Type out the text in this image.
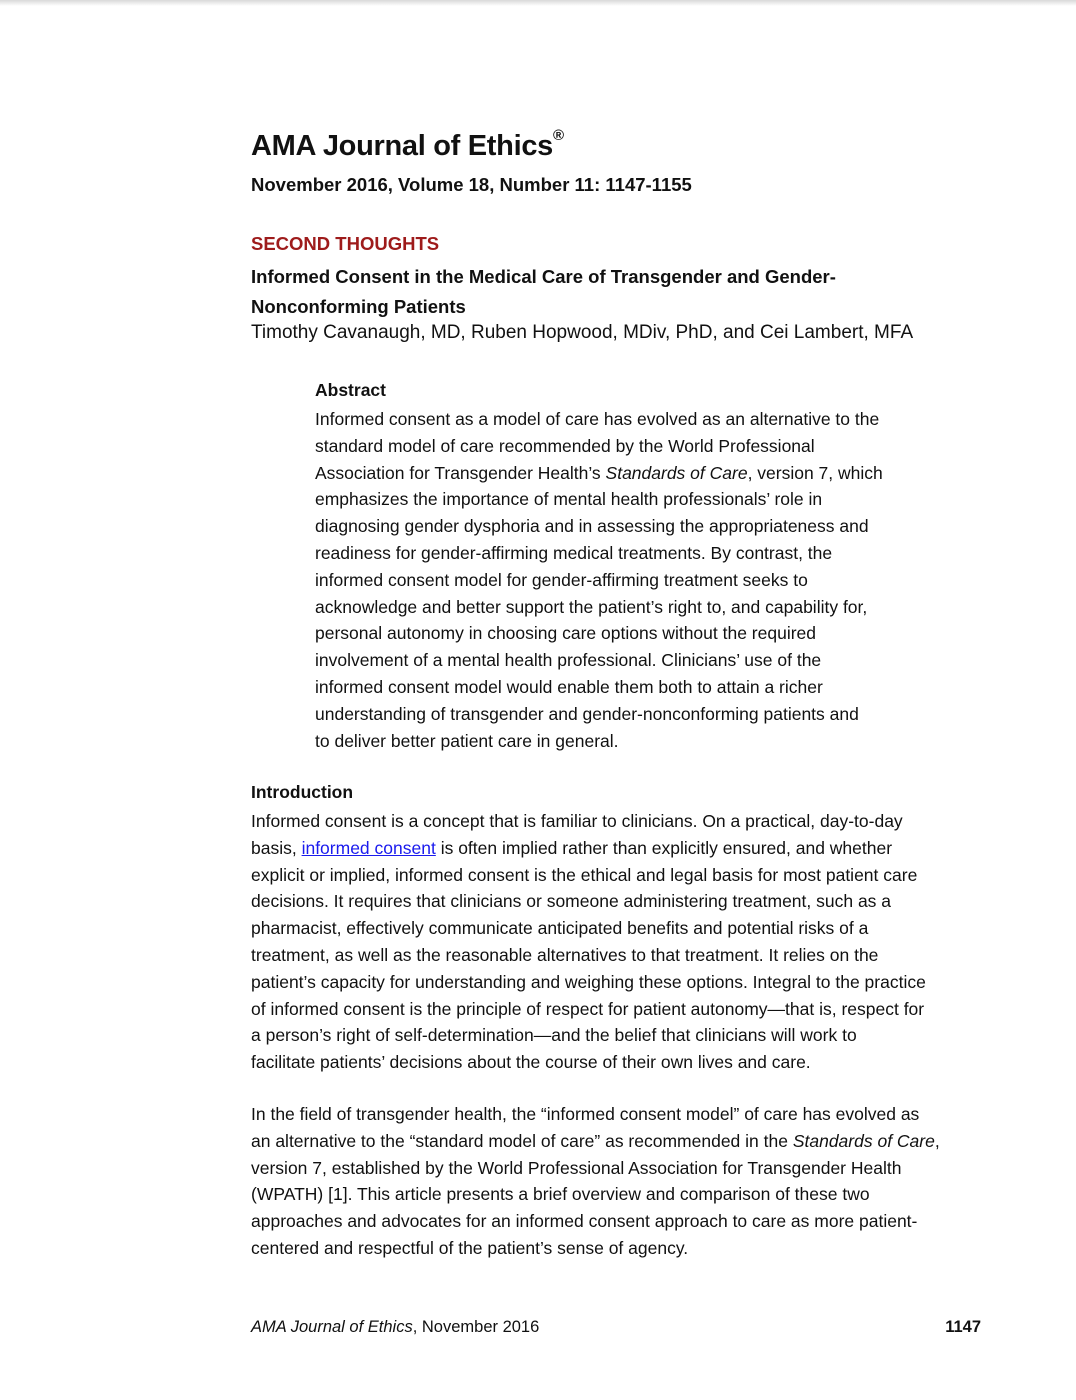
AMA Journal of Ethics®
November 2016, Volume 18, Number 11: 1147-1155
SECOND THOUGHTS
Informed Consent in the Medical Care of Transgender and Gender-
Nonconforming Patients
Timothy Cavanaugh, MD, Ruben Hopwood, MDiv, PhD, and Cei Lambert, MFA
Abstract
Informed consent as a model of care has evolved as an alternative to the
standard model of care recommended by the World Professional
Association for Transgender Health’s Standards of Care, version 7, which
emphasizes the importance of mental health professionals’ role in
diagnosing gender dysphoria and in assessing the appropriateness and
readiness for gender-affirming medical treatments. By contrast, the
informed consent model for gender-affirming treatment seeks to
acknowledge and better support the patient’s right to, and capability for,
personal autonomy in choosing care options without the required
involvement of a mental health professional. Clinicians’ use of the
informed consent model would enable them both to attain a richer
understanding of transgender and gender-nonconforming patients and
to deliver better patient care in general.
Introduction
Informed consent is a concept that is familiar to clinicians. On a practical, day-to-day
basis, informed consent is often implied rather than explicitly ensured, and whether
explicit or implied, informed consent is the ethical and legal basis for most patient care
decisions. It requires that clinicians or someone administering treatment, such as a
pharmacist, effectively communicate anticipated benefits and potential risks of a
treatment, as well as the reasonable alternatives to that treatment. It relies on the
patient’s capacity for understanding and weighing these options. Integral to the practice
of informed consent is the principle of respect for patient autonomy—that is, respect for
a person’s right of self-determination—and the belief that clinicians will work to
facilitate patients’ decisions about the course of their own lives and care.
In the field of transgender health, the “informed consent model” of care has evolved as
an alternative to the “standard model of care” as recommended in the Standards of Care,
version 7, established by the World Professional Association for Transgender Health
(WPATH) [1]. This article presents a brief overview and comparison of these two
approaches and advocates for an informed consent approach to care as more patient-
centered and respectful of the patient’s sense of agency.
AMA Journal of Ethics, November 2016	1147
